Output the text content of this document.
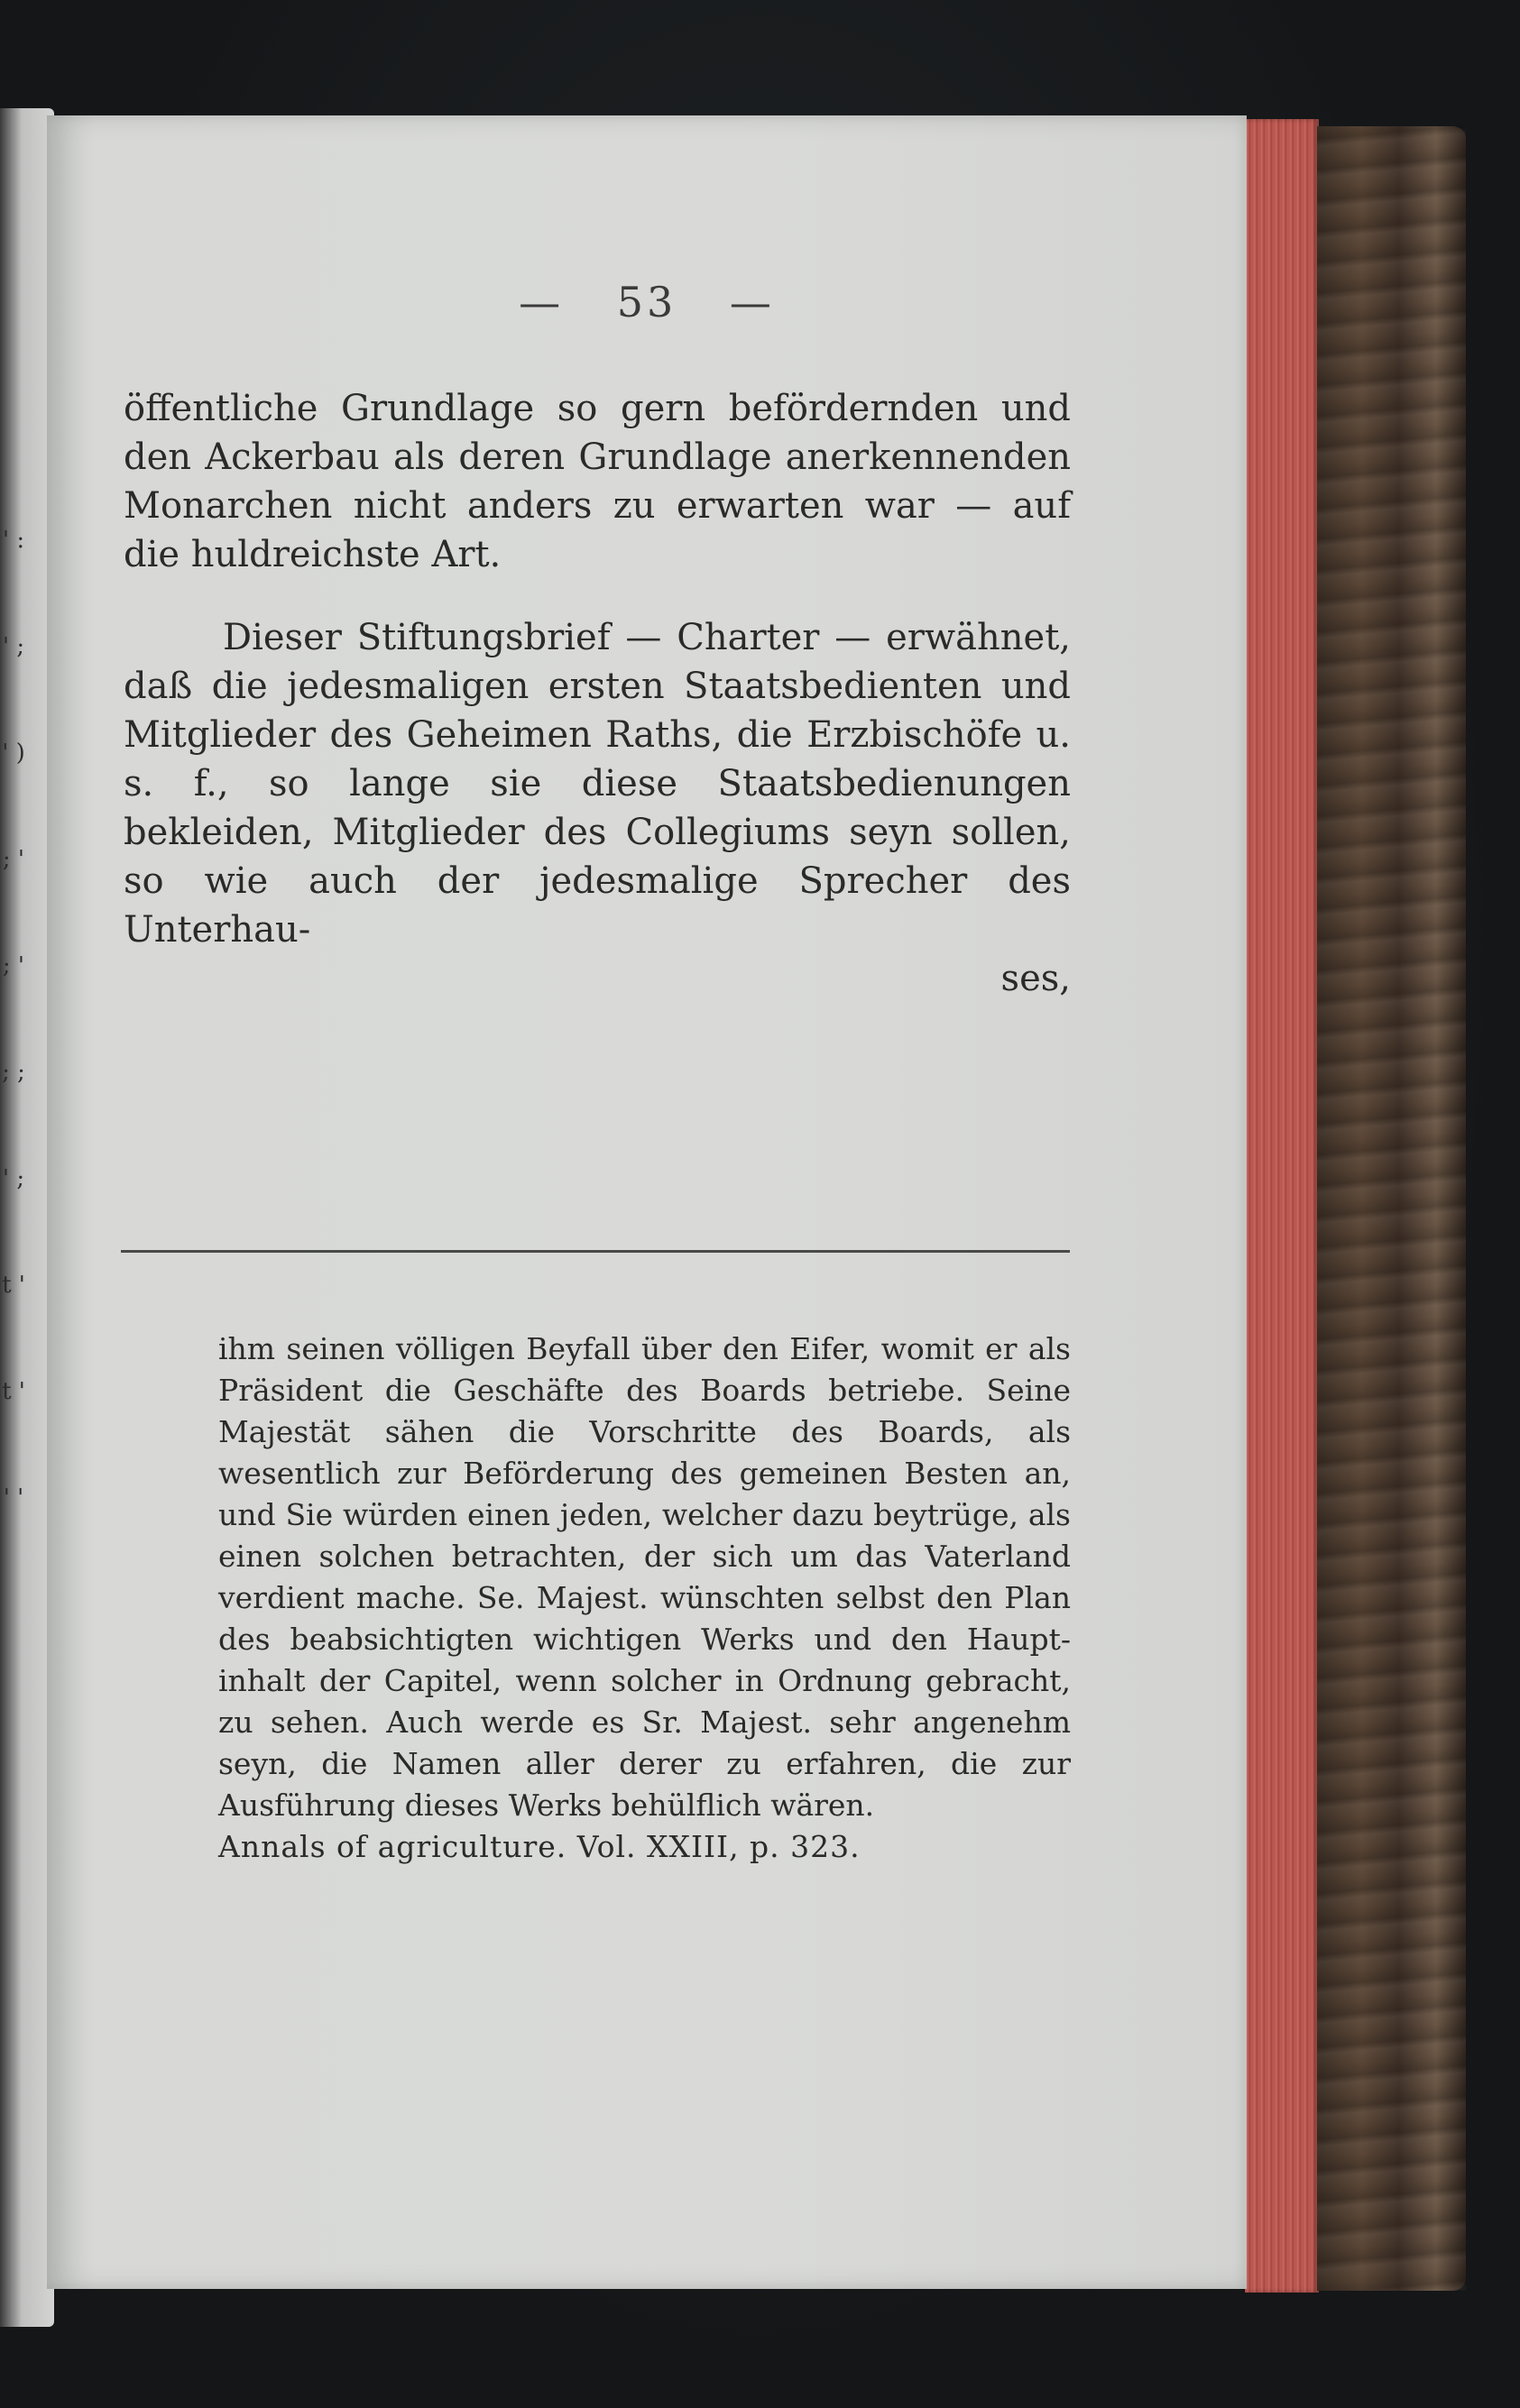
' : ' ; ' ) ; ' ; ' ; ; ' ; t ' t ' ' '
— 53 —

öffentliche Grundlage so gern befördernden und den Ackerbau als deren Grundlage anerkennenden Monarchen nicht anders zu erwarten war — auf die huldreichste Art.

Dieser Stiftungsbrief — Charter — erwähnet, daß die jedesmaligen ersten Staatsbedienten und Mitglieder des Geheimen Raths, die Erzbischöfe u. s. f., so lange sie diese Staatsbedienungen bekleiden, Mitglieder des Collegiums seyn sollen, so wie auch der jedesmalige Sprecher des Unterhau-

ses,

ihm seinen völligen Beyfall über den Eifer, womit er als Präsident die Geschäfte des Boards betriebe. Seine Majestät sähen die Vorschritte des Boards, als wesentlich zur Beförderung des gemeinen Besten an, und Sie würden einen jeden, welcher dazu beytrüge, als einen solchen betrachten, der sich um das Vaterland verdient mache. Se. Majest. wünschten selbst den Plan des beabsichtigten wichtigen Werks und den Haupt-inhalt der Capitel, wenn solcher in Ordnung gebracht, zu sehen. Auch werde es Sr. Majest. sehr angenehm seyn, die Namen aller derer zu erfahren, die zur Ausführung dieses Werks behülflich wären.

Annals of agriculture. Vol. XXIII, p. 323.
